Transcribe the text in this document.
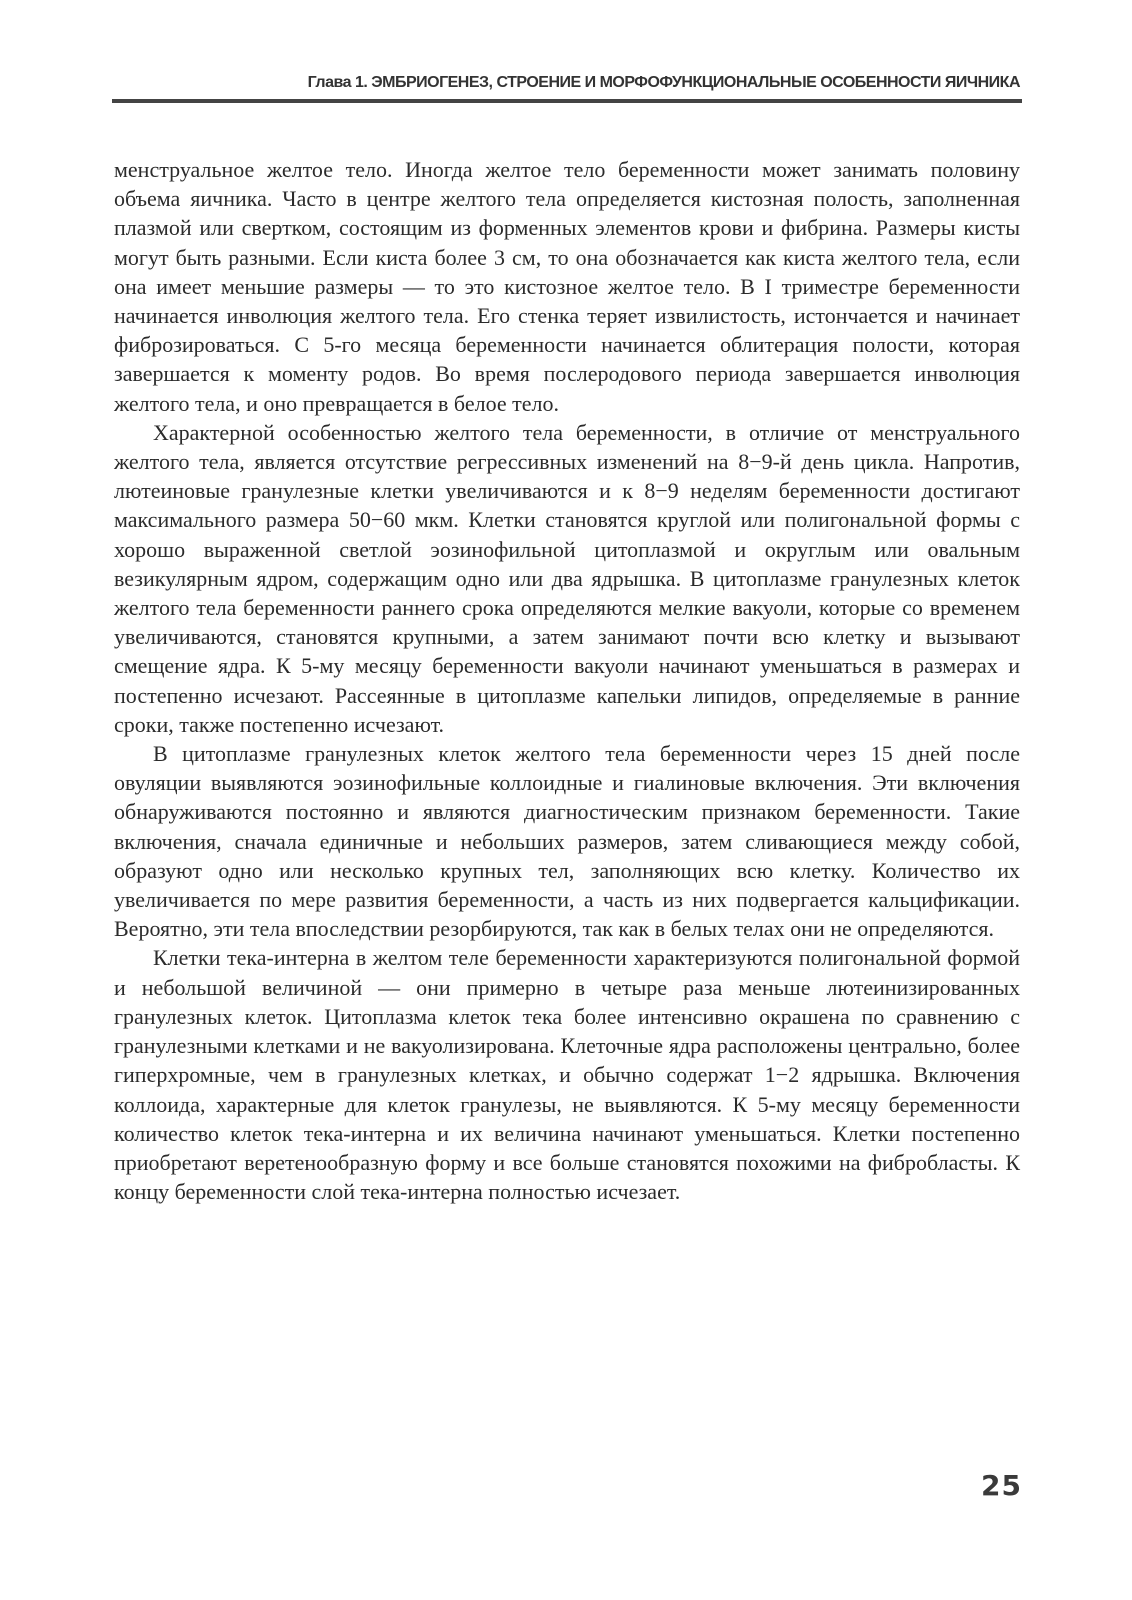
Глава 1. ЭМБРИОГЕНЕЗ, СТРОЕНИЕ И МОРФОФУНКЦИОНАЛЬНЫЕ ОСОБЕННОСТИ ЯИЧНИКА

менструальное желтое тело. Иногда желтое тело беременности может занимать половину объема яичника. Часто в центре желтого тела определяется кистозная полость, заполненная плазмой или свертком, состоящим из форменных элементов крови и фибрина. Размеры кисты могут быть разными. Если киста более 3 см, то она обозначается как киста желтого тела, если она имеет меньшие размеры — то это кистозное желтое тело. В I триместре беременности начинается инволюция желтого тела. Его стенка теряет извилистость, истончается и начинает фиброзироваться. С 5-го месяца беременности начинается облитерация полости, которая завершается к моменту родов. Во время послеродового периода завершается инволюция желтого тела, и оно превращается в белое тело.

Характерной особенностью желтого тела беременности, в отличие от менструального желтого тела, является отсутствие регрессивных изменений на 8−9-й день цикла. Напротив, лютеиновые гранулезные клетки увеличиваются и к 8−9 неделям беременности достигают максимального размера 50−60 мкм. Клетки становятся круглой или полигональной формы с хорошо выраженной светлой эозинофильной цитоплазмой и округлым или овальным везикулярным ядром, содержащим одно или два ядрышка. В цитоплазме гранулезных клеток желтого тела беременности раннего срока определяются мелкие вакуоли, которые со временем увеличиваются, становятся крупными, а затем занимают почти всю клетку и вызывают смещение ядра. К 5-му месяцу беременности вакуоли начинают уменьшаться в размерах и постепенно исчезают. Рассеянные в цитоплазме капельки липидов, определяемые в ранние сроки, также постепенно исчезают.

В цитоплазме гранулезных клеток желтого тела беременности через 15 дней после овуляции выявляются эозинофильные коллоидные и гиалиновые включения. Эти включения обнаруживаются постоянно и являются диагностическим признаком беременности. Такие включения, сначала единичные и небольших размеров, затем сливающиеся между собой, образуют одно или несколько крупных тел, заполняющих всю клетку. Количество их увеличивается по мере развития беременности, а часть из них подвергается кальцификации. Вероятно, эти тела впоследствии резорбируются, так как в белых телах они не определяются.

Клетки тека-интерна в желтом теле беременности характеризуются полигональной формой и небольшой величиной — они примерно в четыре раза меньше лютеинизированных гранулезных клеток. Цитоплазма клеток тека более интенсивно окрашена по сравнению с гранулезными клетками и не вакуолизирована. Клеточные ядра расположены центрально, более гиперхромные, чем в гранулезных клетках, и обычно содержат 1−2 ядрышка. Включения коллоида, характерные для клеток гранулезы, не выявляются. К 5-му месяцу беременности количество клеток тека-интерна и их величина начинают уменьшаться. Клетки постепенно приобретают веретенообразную форму и все больше становятся похожими на фибробласты. К концу беременности слой тека-интерна полностью исчезает.

25
